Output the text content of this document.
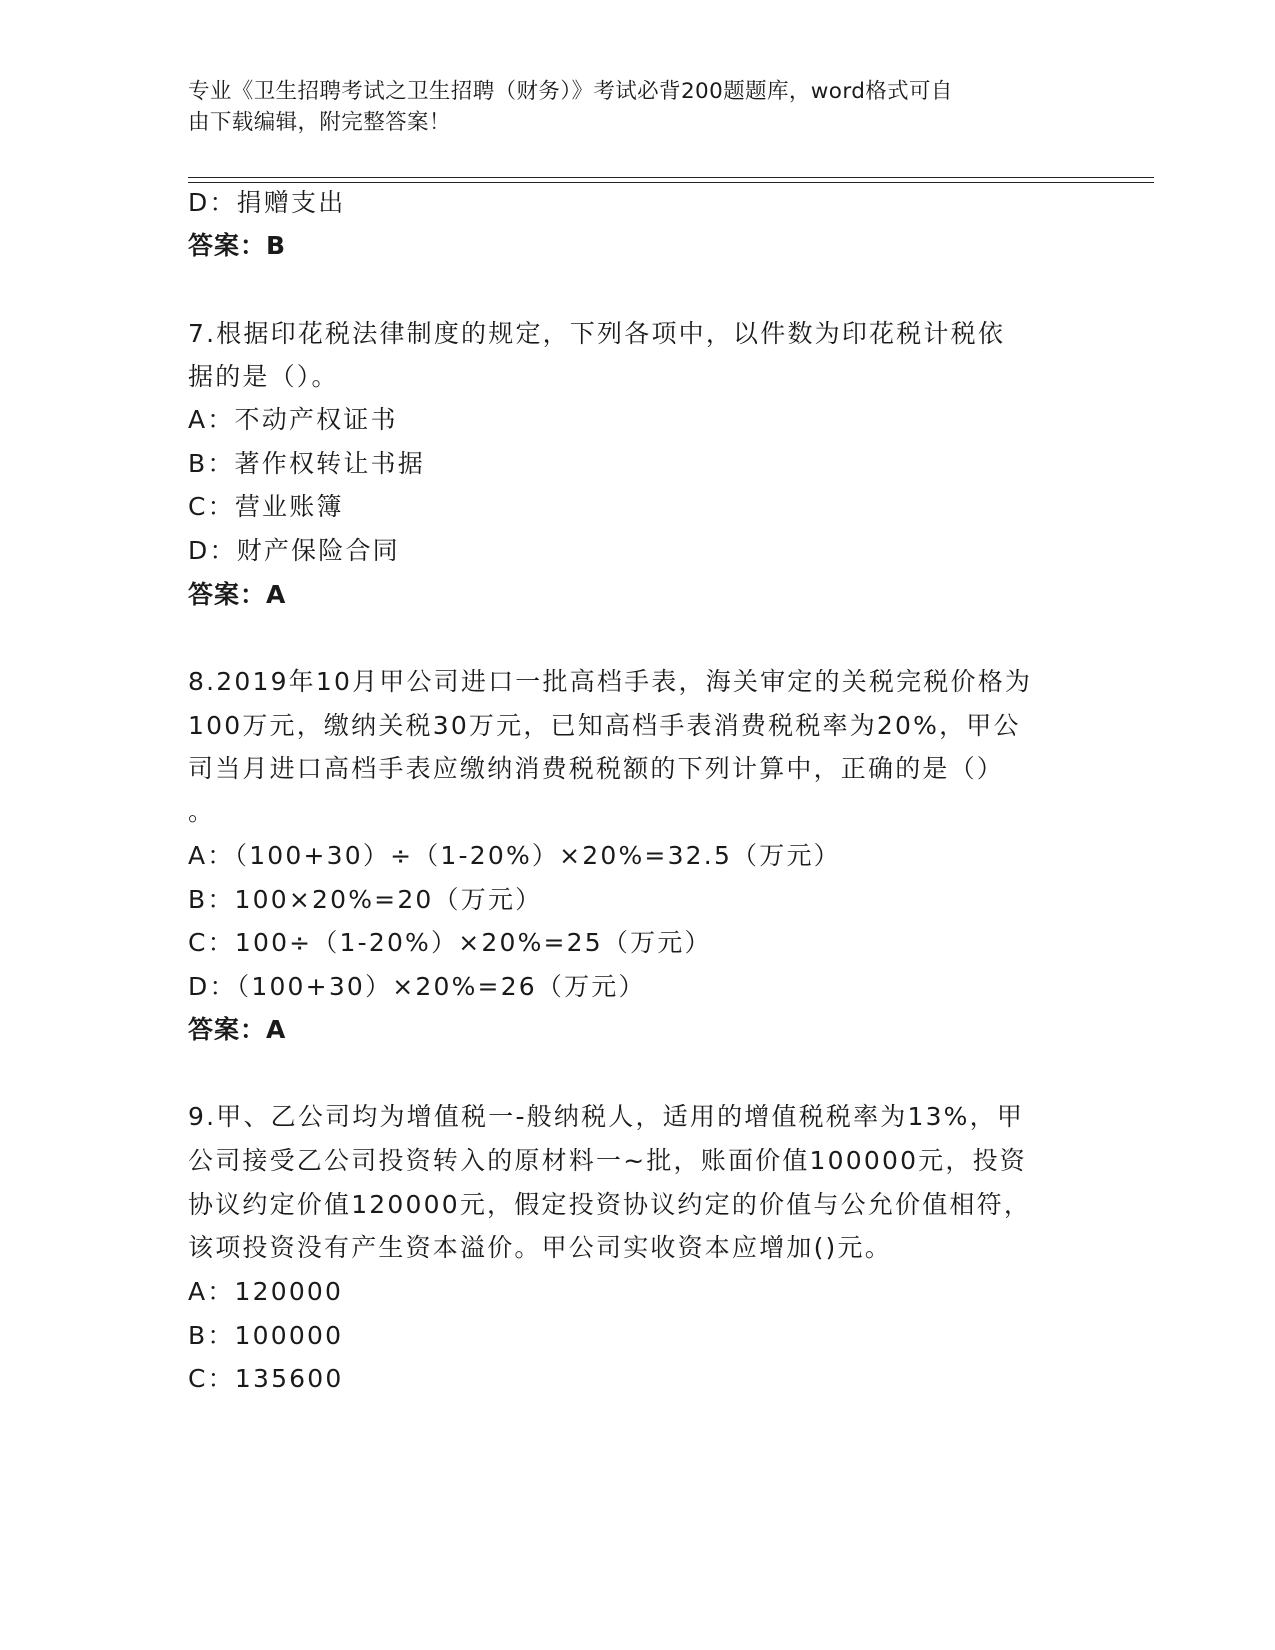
专业《卫生招聘考试之卫生招聘（财务）》考试必背200题题库，word格式可自
由下载编辑，附完整答案！
D：捐赠支出
答案：B
7.根据印花税法律制度的规定，下列各项中，以件数为印花税计税依
据的是（）。
A：不动产权证书
B：著作权转让书据
C：营业账簿
D：财产保险合同
答案：A
8.2019年10月甲公司进口一批高档手表，海关审定的关税完税价格为
100万元，缴纳关税30万元，已知高档手表消费税税率为20%，甲公
司当月进口高档手表应缴纳消费税税额的下列计算中，正确的是（）
。
A：（100+30）÷（1-20%）×20%=32.5（万元）
B：100×20%=20（万元）
C：100÷（1-20%）×20%=25（万元）
D：（100+30）×20%=26（万元）
答案：A
9.甲、乙公司均为增值税一-般纳税人，适用的增值税税率为13%，甲
公司接受乙公司投资转入的原材料一~批，账面价值100000元，投资
协议约定价值120000元，假定投资协议约定的价值与公允价值相符，
该项投资没有产生资本溢价。甲公司实收资本应增加()元。
A：120000
B：100000
C：135600
